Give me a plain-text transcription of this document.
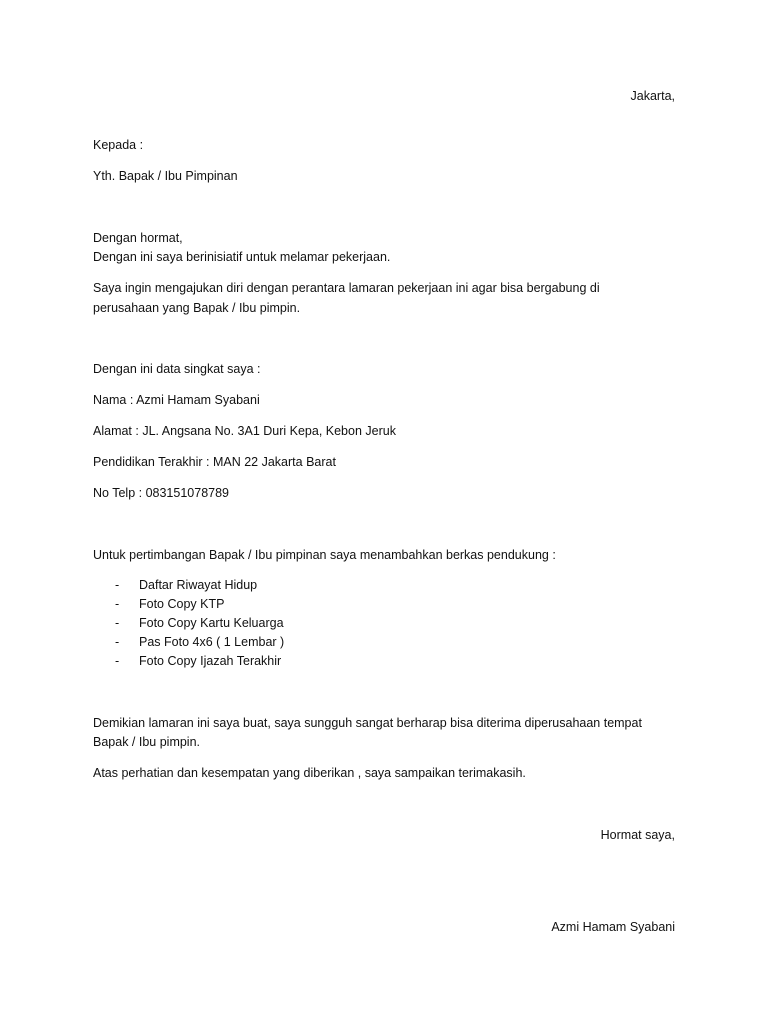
Jakarta,
Kepada :
Yth. Bapak / Ibu Pimpinan
Dengan hormat,
Dengan ini saya berinisiatif untuk melamar pekerjaan.
Saya ingin mengajukan diri dengan perantara lamaran pekerjaan ini agar bisa bergabung di
perusahaan yang Bapak / Ibu pimpin.
Dengan ini data singkat saya :
Nama : Azmi Hamam Syabani
Alamat : JL. Angsana No. 3A1 Duri Kepa, Kebon Jeruk
Pendidikan Terakhir : MAN 22 Jakarta Barat
No Telp : 083151078789
Untuk pertimbangan Bapak / Ibu pimpinan saya menambahkan berkas pendukung :
- Daftar Riwayat Hidup
- Foto Copy KTP
- Foto Copy Kartu Keluarga
- Pas Foto 4x6 ( 1 Lembar )
- Foto Copy Ijazah Terakhir
Demikian lamaran ini saya buat, saya sungguh sangat berharap bisa diterima diperusahaan tempat
Bapak / Ibu pimpin.
Atas perhatian dan kesempatan yang diberikan , saya sampaikan terimakasih.
Hormat saya,
Azmi Hamam Syabani
